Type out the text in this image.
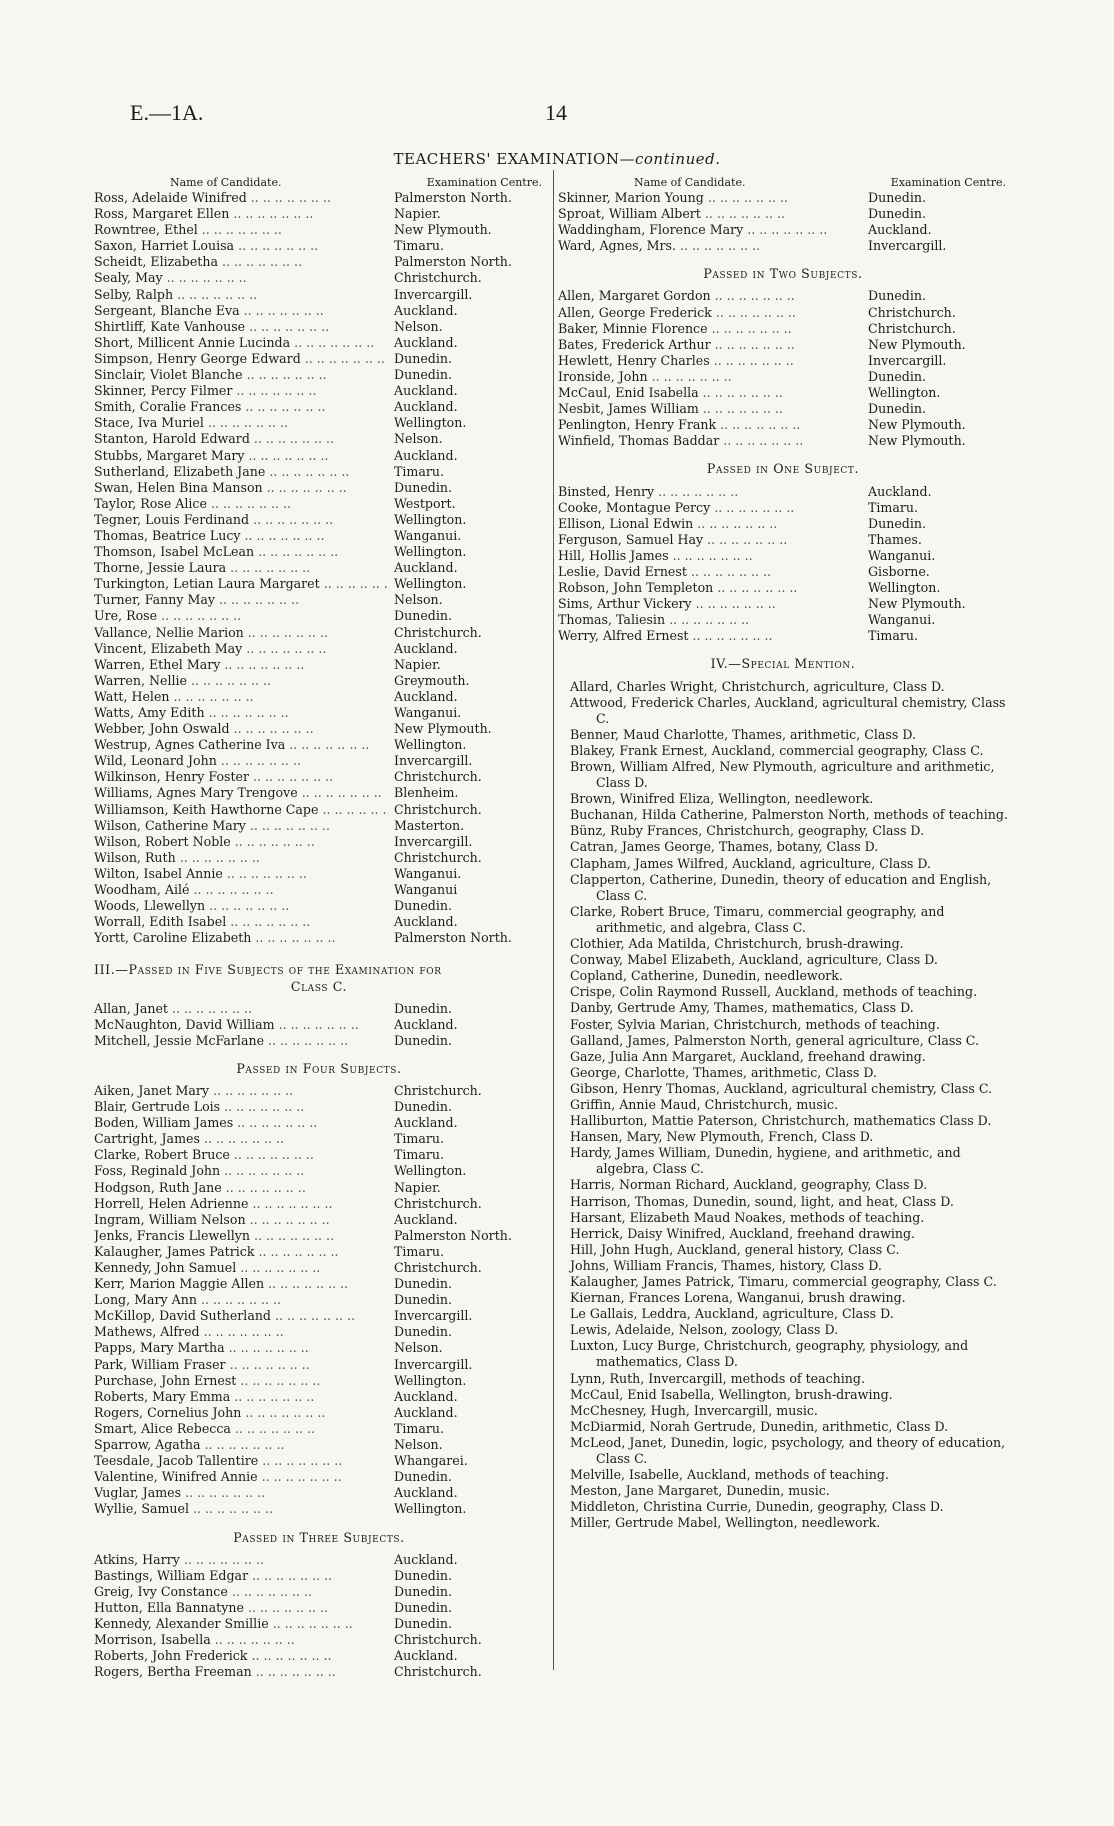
E.—1A.	14
TEACHERS' EXAMINATION—continued.
Name of Candidate.	Examination Centre.
Ross, Adelaide Winifred ..	Palmerston North.
Ross, Margaret Ellen ..	Napier.
Rowntree, Ethel ..	New Plymouth.
Saxon, Harriet Louisa ..	Timaru.
Scheidt, Elizabetha ..	Palmerston North.
Sealy, May ..	Christchurch.
Selby, Ralph ..	Invercargill.
Sergeant, Blanche Eva ..	Auckland.
Shirtliff, Kate Vanhouse ..	Nelson.
Short, Millicent Annie Lucinda ..	Auckland.
Simpson, Henry George Edward ..	Dunedin.
Sinclair, Violet Blanche ..	Dunedin.
Skinner, Percy Filmer ..	Auckland.
Smith, Coralie Frances ..	Auckland.
Stace, Iva Muriel ..	Wellington.
Stanton, Harold Edward ..	Nelson.
Stubbs, Margaret Mary ..	Auckland.
Sutherland, Elizabeth Jane ..	Timaru.
Swan, Helen Bina Manson ..	Dunedin.
Taylor, Rose Alice ..	Westport.
Tegner, Louis Ferdinand ..	Wellington.
Thomas, Beatrice Lucy ..	Wanganui.
Thomson, Isabel McLean ..	Wellington.
Thorne, Jessie Laura ..	Auckland.
Turkington, Letian Laura Margaret ..	Wellington.
Turner, Fanny May ..	Nelson.
Ure, Rose ..	Dunedin.
Vallance, Nellie Marion ..	Christchurch.
Vincent, Elizabeth May ..	Auckland.
Warren, Ethel Mary ..	Napier.
Warren, Nellie ..	Greymouth.
Watt, Helen ..	Auckland.
Watts, Amy Edith ..	Wanganui.
Webber, John Oswald ..	New Plymouth.
Westrup, Agnes Catherine Iva ..	Wellington.
Wild, Leonard John ..	Invercargill.
Wilkinson, Henry Foster ..	Christchurch.
Williams, Agnes Mary Trengove ..	Blenheim.
Williamson, Keith Hawthorne Cape ..	Christchurch.
Wilson, Catherine Mary ..	Masterton.
Wilson, Robert Noble ..	Invercargill.
Wilson, Ruth ..	Christchurch.
Wilton, Isabel Annie ..	Wanganui.
Woodham, Ailé ..	Wanganui
Woods, Llewellyn ..	Dunedin.
Worrall, Edith Isabel ..	Auckland.
Yortt, Caroline Elizabeth ..	Palmerston North.
III.—Passed in Five Subjects of the Examination for
Class C.
Allan, Janet ..	Dunedin.
McNaughton, David William ..	Auckland.
Mitchell, Jessie McFarlane ..	Dunedin.
Passed in Four Subjects.
Aiken, Janet Mary ..	Christchurch.
Blair, Gertrude Lois ..	Dunedin.
Boden, William James ..	Auckland.
Cartright, James ..	Timaru.
Clarke, Robert Bruce ..	Timaru.
Foss, Reginald John ..	Wellington.
Hodgson, Ruth Jane ..	Napier.
Horrell, Helen Adrienne ..	Christchurch.
Ingram, William Nelson ..	Auckland.
Jenks, Francis Llewellyn ..	Palmerston North.
Kalaugher, James Patrick ..	Timaru.
Kennedy, John Samuel ..	Christchurch.
Kerr, Marion Maggie Allen ..	Dunedin.
Long, Mary Ann ..	Dunedin.
McKillop, David Sutherland ..	Invercargill.
Mathews, Alfred ..	Dunedin.
Papps, Mary Martha ..	Nelson.
Park, William Fraser ..	Invercargill.
Purchase, John Ernest ..	Wellington.
Roberts, Mary Emma ..	Auckland.
Rogers, Cornelius John ..	Auckland.
Smart, Alice Rebecca ..	Timaru.
Sparrow, Agatha ..	Nelson.
Teesdale, Jacob Tallentire ..	Whangarei.
Valentine, Winifred Annie ..	Dunedin.
Vuglar, James ..	Auckland.
Wyllie, Samuel ..	Wellington.
Passed in Three Subjects.
Atkins, Harry ..	Auckland.
Bastings, William Edgar ..	Dunedin.
Greig, Ivy Constance ..	Dunedin.
Hutton, Ella Bannatyne ..	Dunedin.
Kennedy, Alexander Smillie ..	Dunedin.
Morrison, Isabella ..	Christchurch.
Roberts, John Frederick ..	Auckland.
Rogers, Bertha Freeman ..	Christchurch.
Name of Candidate.	Examination Centre.
Skinner, Marion Young ..	Dunedin.
Sproat, William Albert ..	Dunedin.
Waddingham, Florence Mary ..	Auckland.
Ward, Agnes, Mrs. ..	Invercargill.
Passed in Two Subjects.
Allen, Margaret Gordon ..	Dunedin.
Allen, George Frederick ..	Christchurch.
Baker, Minnie Florence ..	Christchurch.
Bates, Frederick Arthur ..	New Plymouth.
Hewlett, Henry Charles ..	Invercargill.
Ironside, John ..	Dunedin.
McCaul, Enid Isabella ..	Wellington.
Nesbit, James William ..	Dunedin.
Penlington, Henry Frank ..	New Plymouth.
Winfield, Thomas Baddar ..	New Plymouth.
Passed in One Subject.
Binsted, Henry ..	Auckland.
Cooke, Montague Percy ..	Timaru.
Ellison, Lional Edwin ..	Dunedin.
Ferguson, Samuel Hay ..	Thames.
Hill, Hollis James ..	Wanganui.
Leslie, David Ernest ..	Gisborne.
Robson, John Templeton ..	Wellington.
Sims, Arthur Vickery ..	New Plymouth.
Thomas, Taliesin ..	Wanganui.
Werry, Alfred Ernest ..	Timaru.
IV.—Special Mention.

Allard, Charles Wright, Christchurch, agriculture, Class D.

Attwood, Frederick Charles, Auckland, agricultural chemistry, Class C.

Benner, Maud Charlotte, Thames, arithmetic, Class D.

Blakey, Frank Ernest, Auckland, commercial geography, Class C.

Brown, William Alfred, New Plymouth, agriculture and arithmetic, Class D.

Brown, Winifred Eliza, Wellington, needlework.

Buchanan, Hilda Catherine, Palmerston North, methods of teaching.

Bünz, Ruby Frances, Christchurch, geography, Class D.

Catran, James George, Thames, botany, Class D.

Clapham, James Wilfred, Auckland, agriculture, Class D.

Clapperton, Catherine, Dunedin, theory of education and English, Class C.

Clarke, Robert Bruce, Timaru, commercial geography, and arithmetic, and algebra, Class C.

Clothier, Ada Matilda, Christchurch, brush-drawing.

Conway, Mabel Elizabeth, Auckland, agriculture, Class D.

Copland, Catherine, Dunedin, needlework.

Crispe, Colin Raymond Russell, Auckland, methods of teaching.

Danby, Gertrude Amy, Thames, mathematics, Class D.

Foster, Sylvia Marian, Christchurch, methods of teaching.

Galland, James, Palmerston North, general agriculture, Class C.

Gaze, Julia Ann Margaret, Auckland, freehand drawing.

George, Charlotte, Thames, arithmetic, Class D.

Gibson, Henry Thomas, Auckland, agricultural chemistry, Class C.

Griffin, Annie Maud, Christchurch, music.

Halliburton, Mattie Paterson, Christchurch, mathematics Class D.

Hansen, Mary, New Plymouth, French, Class D.

Hardy, James William, Dunedin, hygiene, and arithmetic, and algebra, Class C.

Harris, Norman Richard, Auckland, geography, Class D.

Harrison, Thomas, Dunedin, sound, light, and heat, Class D.

Harsant, Elizabeth Maud Noakes, methods of teaching.

Herrick, Daisy Winifred, Auckland, freehand drawing.

Hill, John Hugh, Auckland, general history, Class C.

Johns, William Francis, Thames, history, Class D.

Kalaugher, James Patrick, Timaru, commercial geography, Class C.

Kiernan, Frances Lorena, Wanganui, brush drawing.

Le Gallais, Leddra, Auckland, agriculture, Class D.

Lewis, Adelaide, Nelson, zoology, Class D.

Luxton, Lucy Burge, Christchurch, geography, physiology, and mathematics, Class D.

Lynn, Ruth, Invercargill, methods of teaching.

McCaul, Enid Isabella, Wellington, brush-drawing.

McChesney, Hugh, Invercargill, music.

McDiarmid, Norah Gertrude, Dunedin, arithmetic, Class D.

McLeod, Janet, Dunedin, logic, psychology, and theory of education, Class C.

Melville, Isabelle, Auckland, methods of teaching.

Meston, Jane Margaret, Dunedin, music.

Middleton, Christina Currie, Dunedin, geography, Class D.

Miller, Gertrude Mabel, Wellington, needlework.
